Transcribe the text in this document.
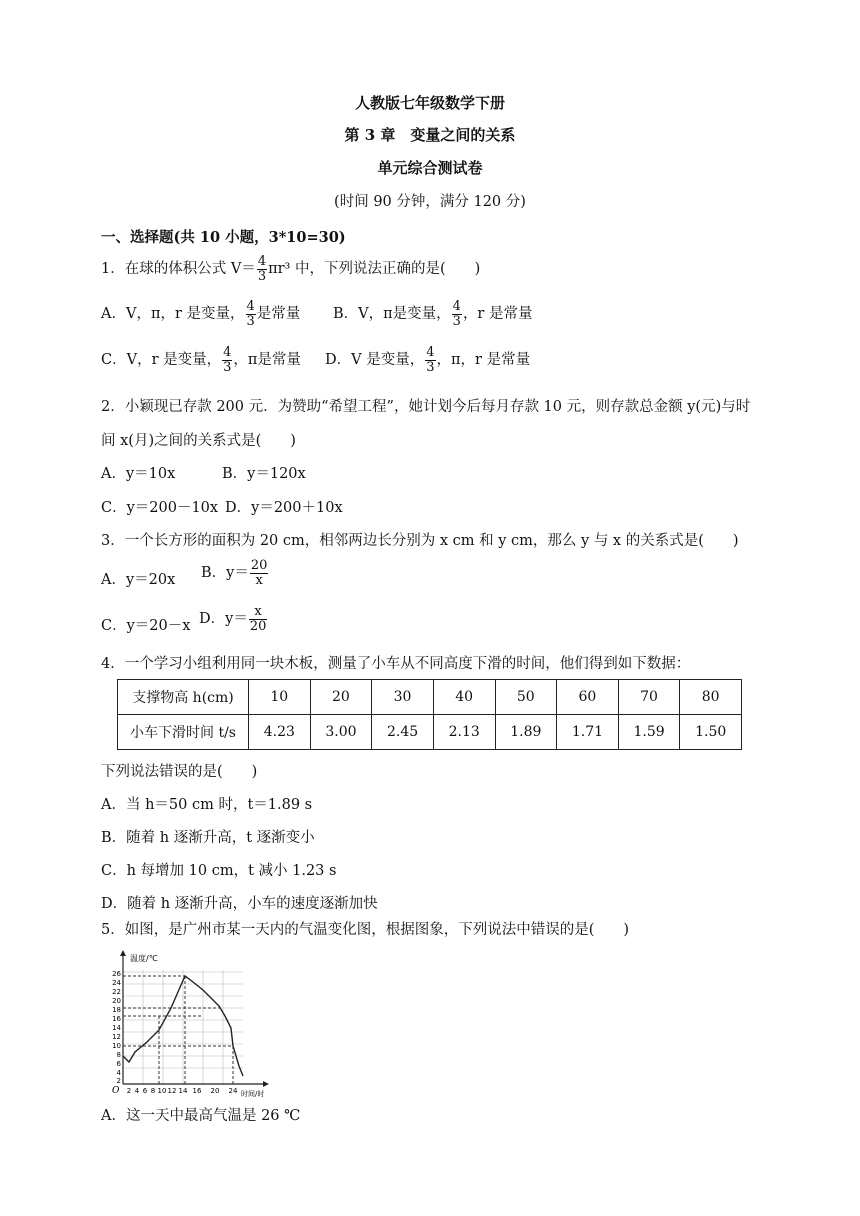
人教版七年级数学下册
第 3 章　变量之间的关系
单元综合测试卷
(时间 90 分钟，满分 120 分)
一、选择题(共 10 小题，3*10=30)
1．在球的体积公式 $V= \frac{4}{3} \pi r^3$ 中，下列说法正确的是(　　)
A．V，π，r 是变量， $\frac{4}{3}$ 是常量 B．V，π是变量， $\frac{4}{3}$ ，r 是常量
C．V，r 是变量， $\frac{4}{3}$ ，π是常量 D．V 是变量， $\frac{4}{3}$ ，π，r 是常量
2．小颖现已存款 200 元．为赞助“希望工程”，她计划今后每月存款 10 元，则存款总金额 y(元)与时
间 x(月)之间的关系式是(　　)
A．y＝10x	B．y＝120x
C．y＝200－10x D．y＝200＋10x
3．一个长方形的面积为 20 cm，相邻两边长分别为 x cm 和 y cm，那么 y 与 x 的关系式是(　　)
A．y＝20x B．$y= \frac{20}{x}$
C．y＝20－x D．$y= \frac{x}{20}$
4．一个学习小组利用同一块木板，测量了小车从不同高度下滑的时间，他们得到如下数据：
支撑物高 h(cm)	10	20	30	40	50	60	70	80
小车下滑时间 t/s	4.23	3.00	2.45	2.13	1.89	1.71	1.59	1.50
下列说法错误的是(　　)
A．当 h＝50 cm 时，t＝1.89 s
B．随着 h 逐渐升高，t 逐渐变小
C．h 每增加 10 cm，t 减小 1.23 s
D．随着 h 逐渐升高，小车的速度逐渐加快
5．如图，是广州市某一天内的气温变化图，根据图象，下列说法中错误的是(　　)
温度/℃
时间/时
O
26
24
22
20
18
16
14
12
10
8
6
4
2
2 4 6 8 10 12 14 16 20 24
A．这一天中最高气温是 26 ℃
